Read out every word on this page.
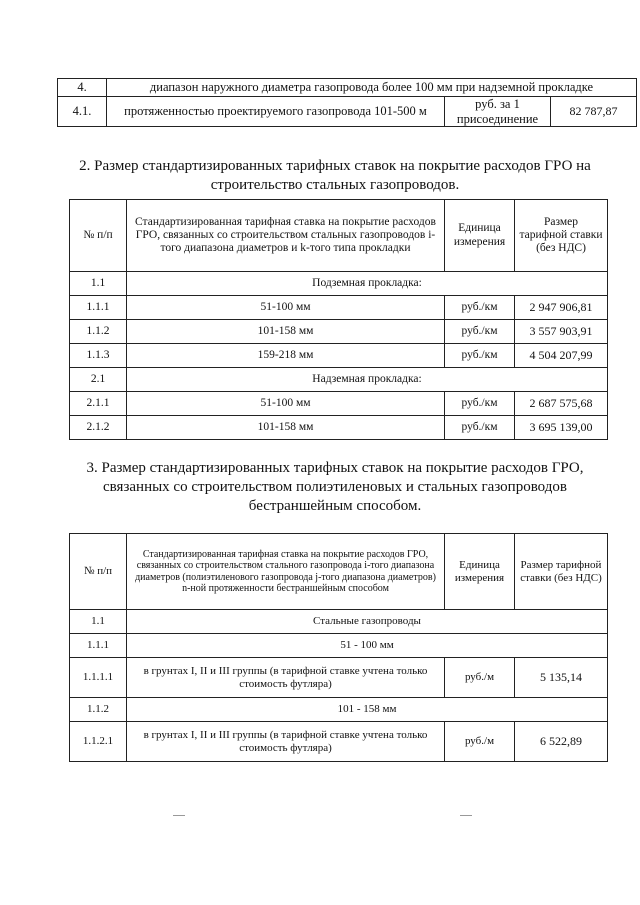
4.	диапазон наружного диаметра газопровода более 100 мм при надземной прокладке		
4.1.	протяженностью проектируемого газопровода 101-500 м	руб. за 1 присоединение	82 787,87
2. Размер стандартизированных тарифных ставок на покрытие расходов ГРО на строительство стальных газопроводов.
№ п/п	Стандартизированная тарифная ставка на покрытие расходов ГРО, связанных со строительством стальных газопроводов i-того диапазона диаметров и k-того типа прокладки	Единица измерения	Размер тарифной ставки (без НДС)
1.1	Подземная прокладка:		
1.1.1	51-100 мм	руб./км	2 947 906,81
1.1.2	101-158 мм	руб./км	3 557 903,91
1.1.3	159-218 мм	руб./км	4 504 207,99
2.1	Надземная прокладка:		
2.1.1	51-100 мм	руб./км	2 687 575,68
2.1.2	101-158 мм	руб./км	3 695 139,00
3. Размер стандартизированных тарифных ставок на покрытие расходов ГРО, связанных со строительством полиэтиленовых и стальных газопроводов бестраншейным способом.
№ п/п	Стандартизированная тарифная ставка на покрытие расходов ГРО, связанных со строительством стального газопровода i-того диапазона диаметров (полиэтиленового газопровода j-того диапазона диаметров) n-ной протяженности бестраншейным способом	Единица измерения	Размер тарифной ставки (без НДС)
1.1	Стальные газопроводы		
1.1.1	51 - 100 мм		
1.1.1.1	в грунтах I, II и III группы (в тарифной ставке учтена только стоимость футляра)	руб./м	5 135,14
1.1.2	101 - 158 мм		
1.1.2.1	в грунтах I, II и III группы (в тарифной ставке учтена только стоимость футляра)	руб./м	6 522,89
